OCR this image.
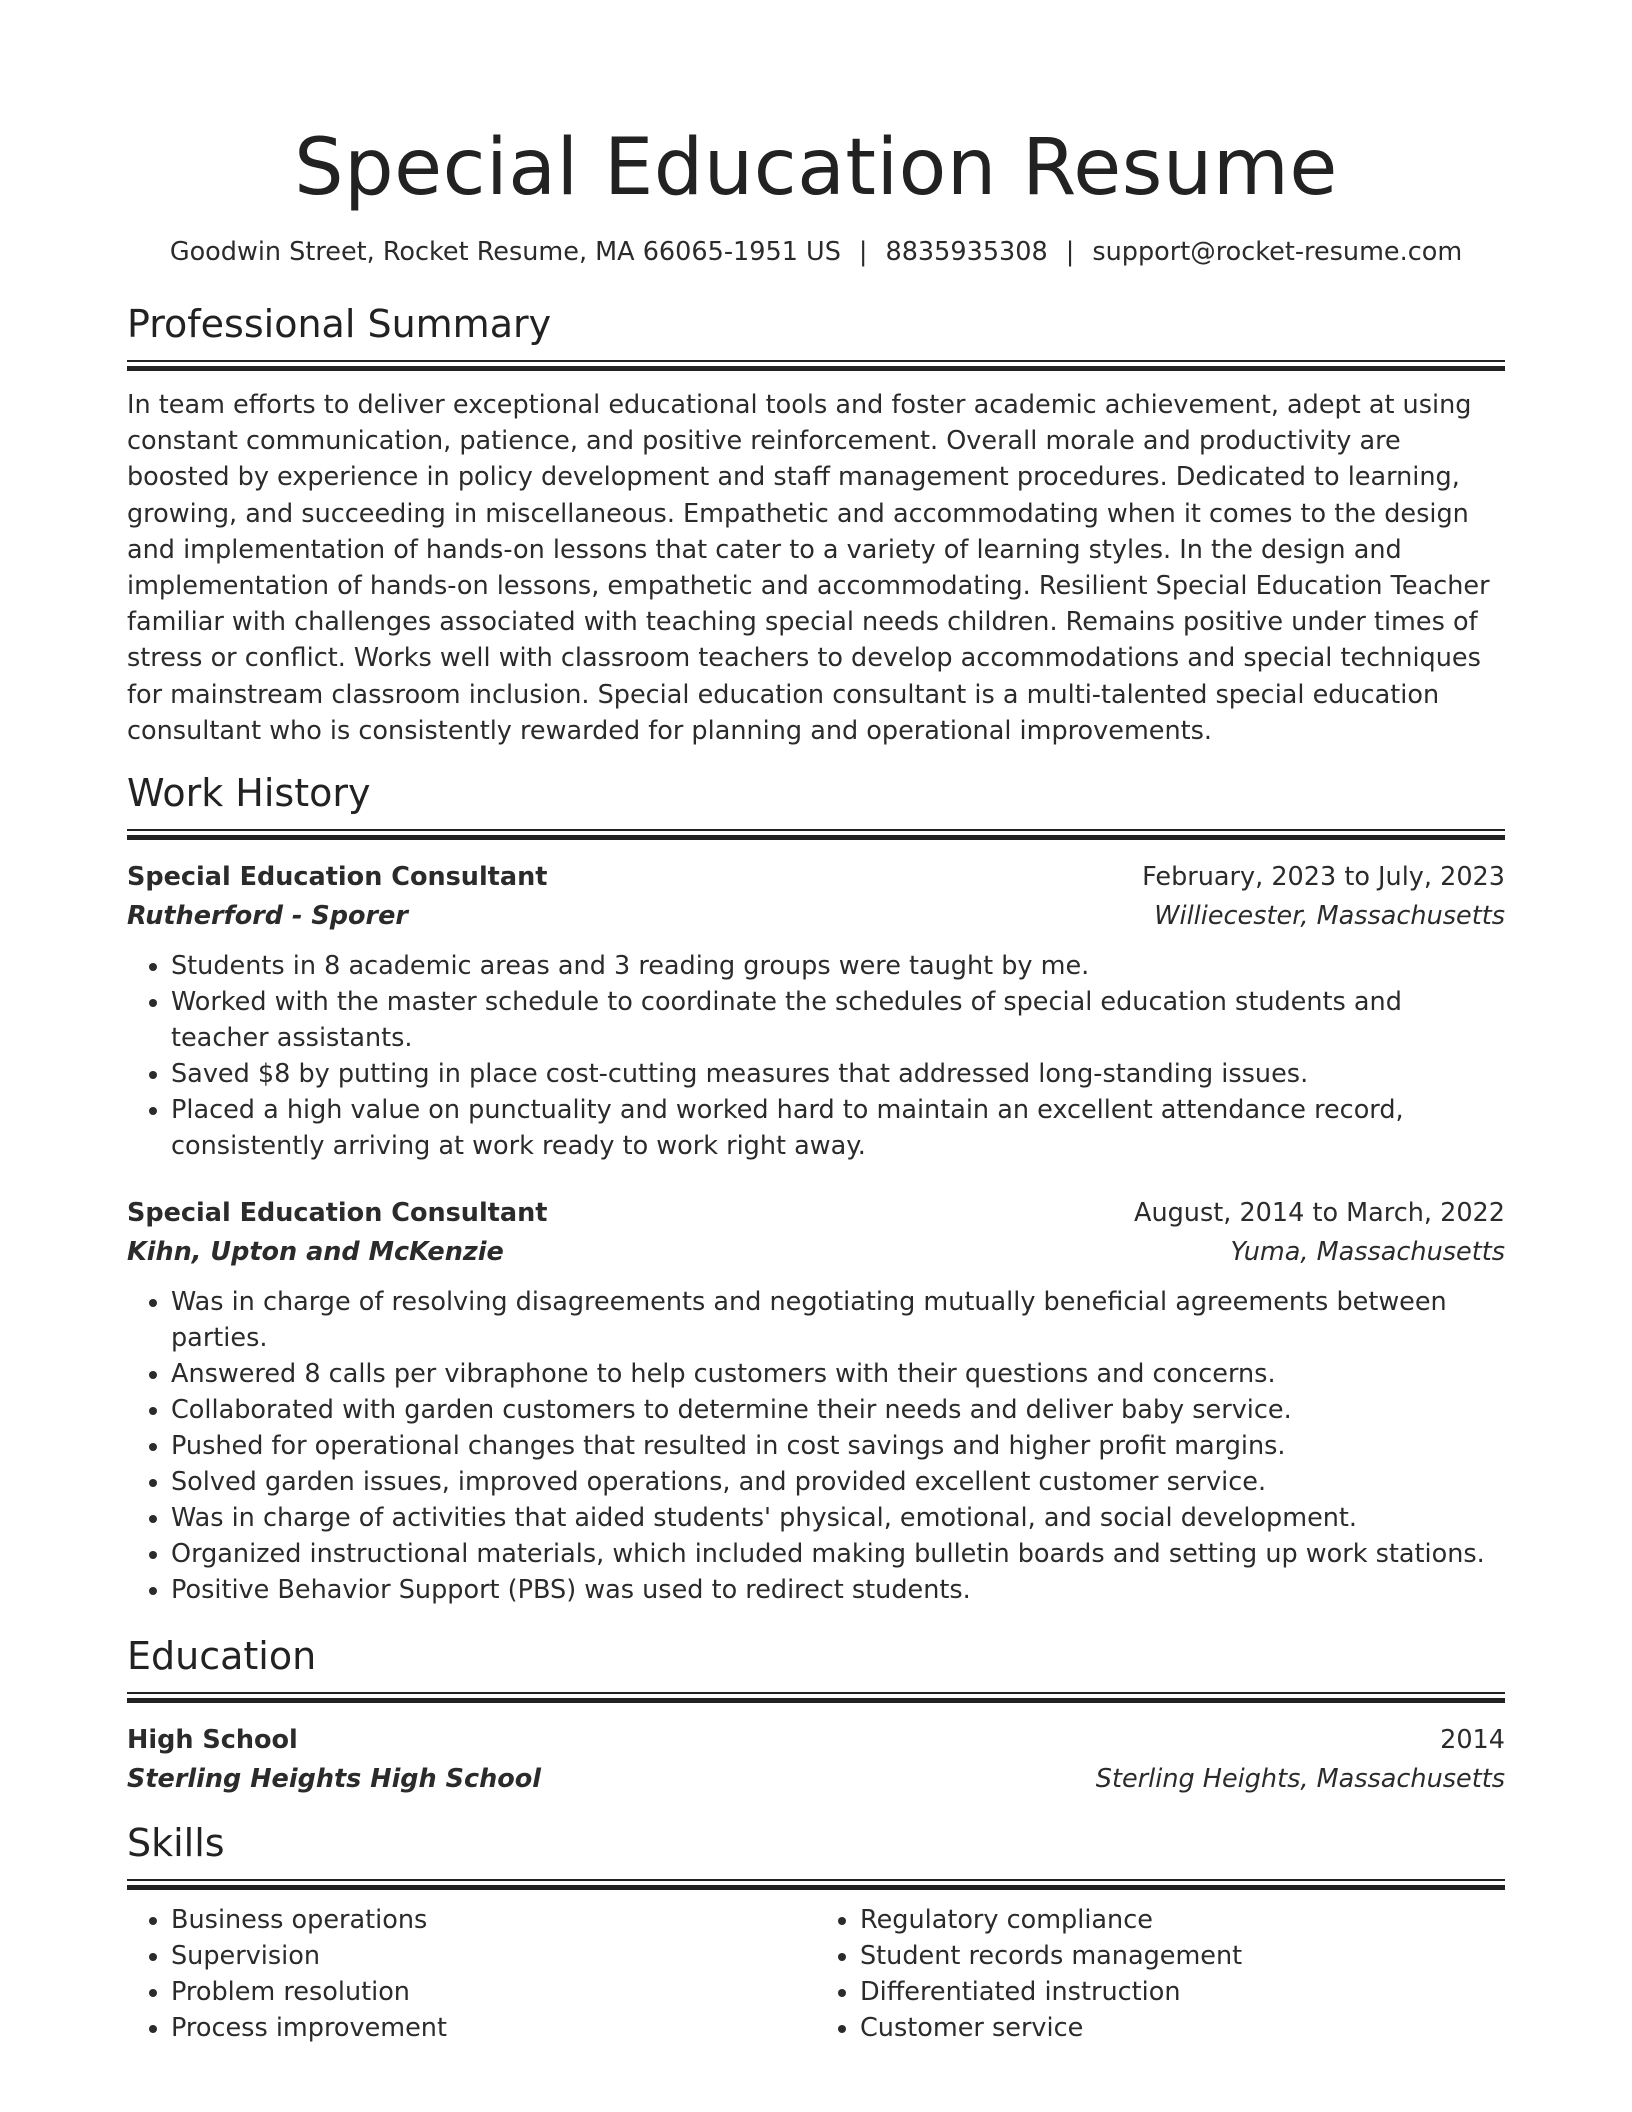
Special Education Resume
Goodwin Street, Rocket Resume, MA 66065-1951 US | 8835935308 | support@rocket-resume.com
Professional Summary

In team efforts to deliver exceptional educational tools and foster academic achievement, adept at using constant communication, patience, and positive reinforcement. Overall morale and productivity are boosted by experience in policy development and staff management procedures. Dedicated to learning, growing, and succeeding in miscellaneous. Empathetic and accommodating when it comes to the design and implementation of hands-on lessons that cater to a variety of learning styles. In the design and implementation of hands-on lessons, empathetic and accommodating. Resilient Special Education Teacher familiar with challenges associated with teaching special needs children. Remains positive under times of stress or conflict. Works well with classroom teachers to develop accommodations and special techniques for mainstream classroom inclusion. Special education consultant is a multi-talented special education consultant who is consistently rewarded for planning and operational improvements.

Work History
Special Education Consultant	February, 2023 to July, 2023
Rutherford - Sporer	Williecester, Massachusetts
• Students in 8 academic areas and 3 reading groups were taught by me.
• Worked with the master schedule to coordinate the schedules of special education students and teacher assistants.
• Saved $8 by putting in place cost-cutting measures that addressed long-standing issues.
• Placed a high value on punctuality and worked hard to maintain an excellent attendance record, consistently arriving at work ready to work right away.
Special Education Consultant	August, 2014 to March, 2022
Kihn, Upton and McKenzie	Yuma, Massachusetts
• Was in charge of resolving disagreements and negotiating mutually beneficial agreements between parties.
• Answered 8 calls per vibraphone to help customers with their questions and concerns.
• Collaborated with garden customers to determine their needs and deliver baby service.
• Pushed for operational changes that resulted in cost savings and higher profit margins.
• Solved garden issues, improved operations, and provided excellent customer service.
• Was in charge of activities that aided students' physical, emotional, and social development.
• Organized instructional materials, which included making bulletin boards and setting up work stations.
• Positive Behavior Support (PBS) was used to redirect students.
Education
High School	2014
Sterling Heights High School	Sterling Heights, Massachusetts
Skills
• Business operations
• Supervision
• Problem resolution
• Process improvement
• Regulatory compliance
• Student records management
• Differentiated instruction
• Customer service
